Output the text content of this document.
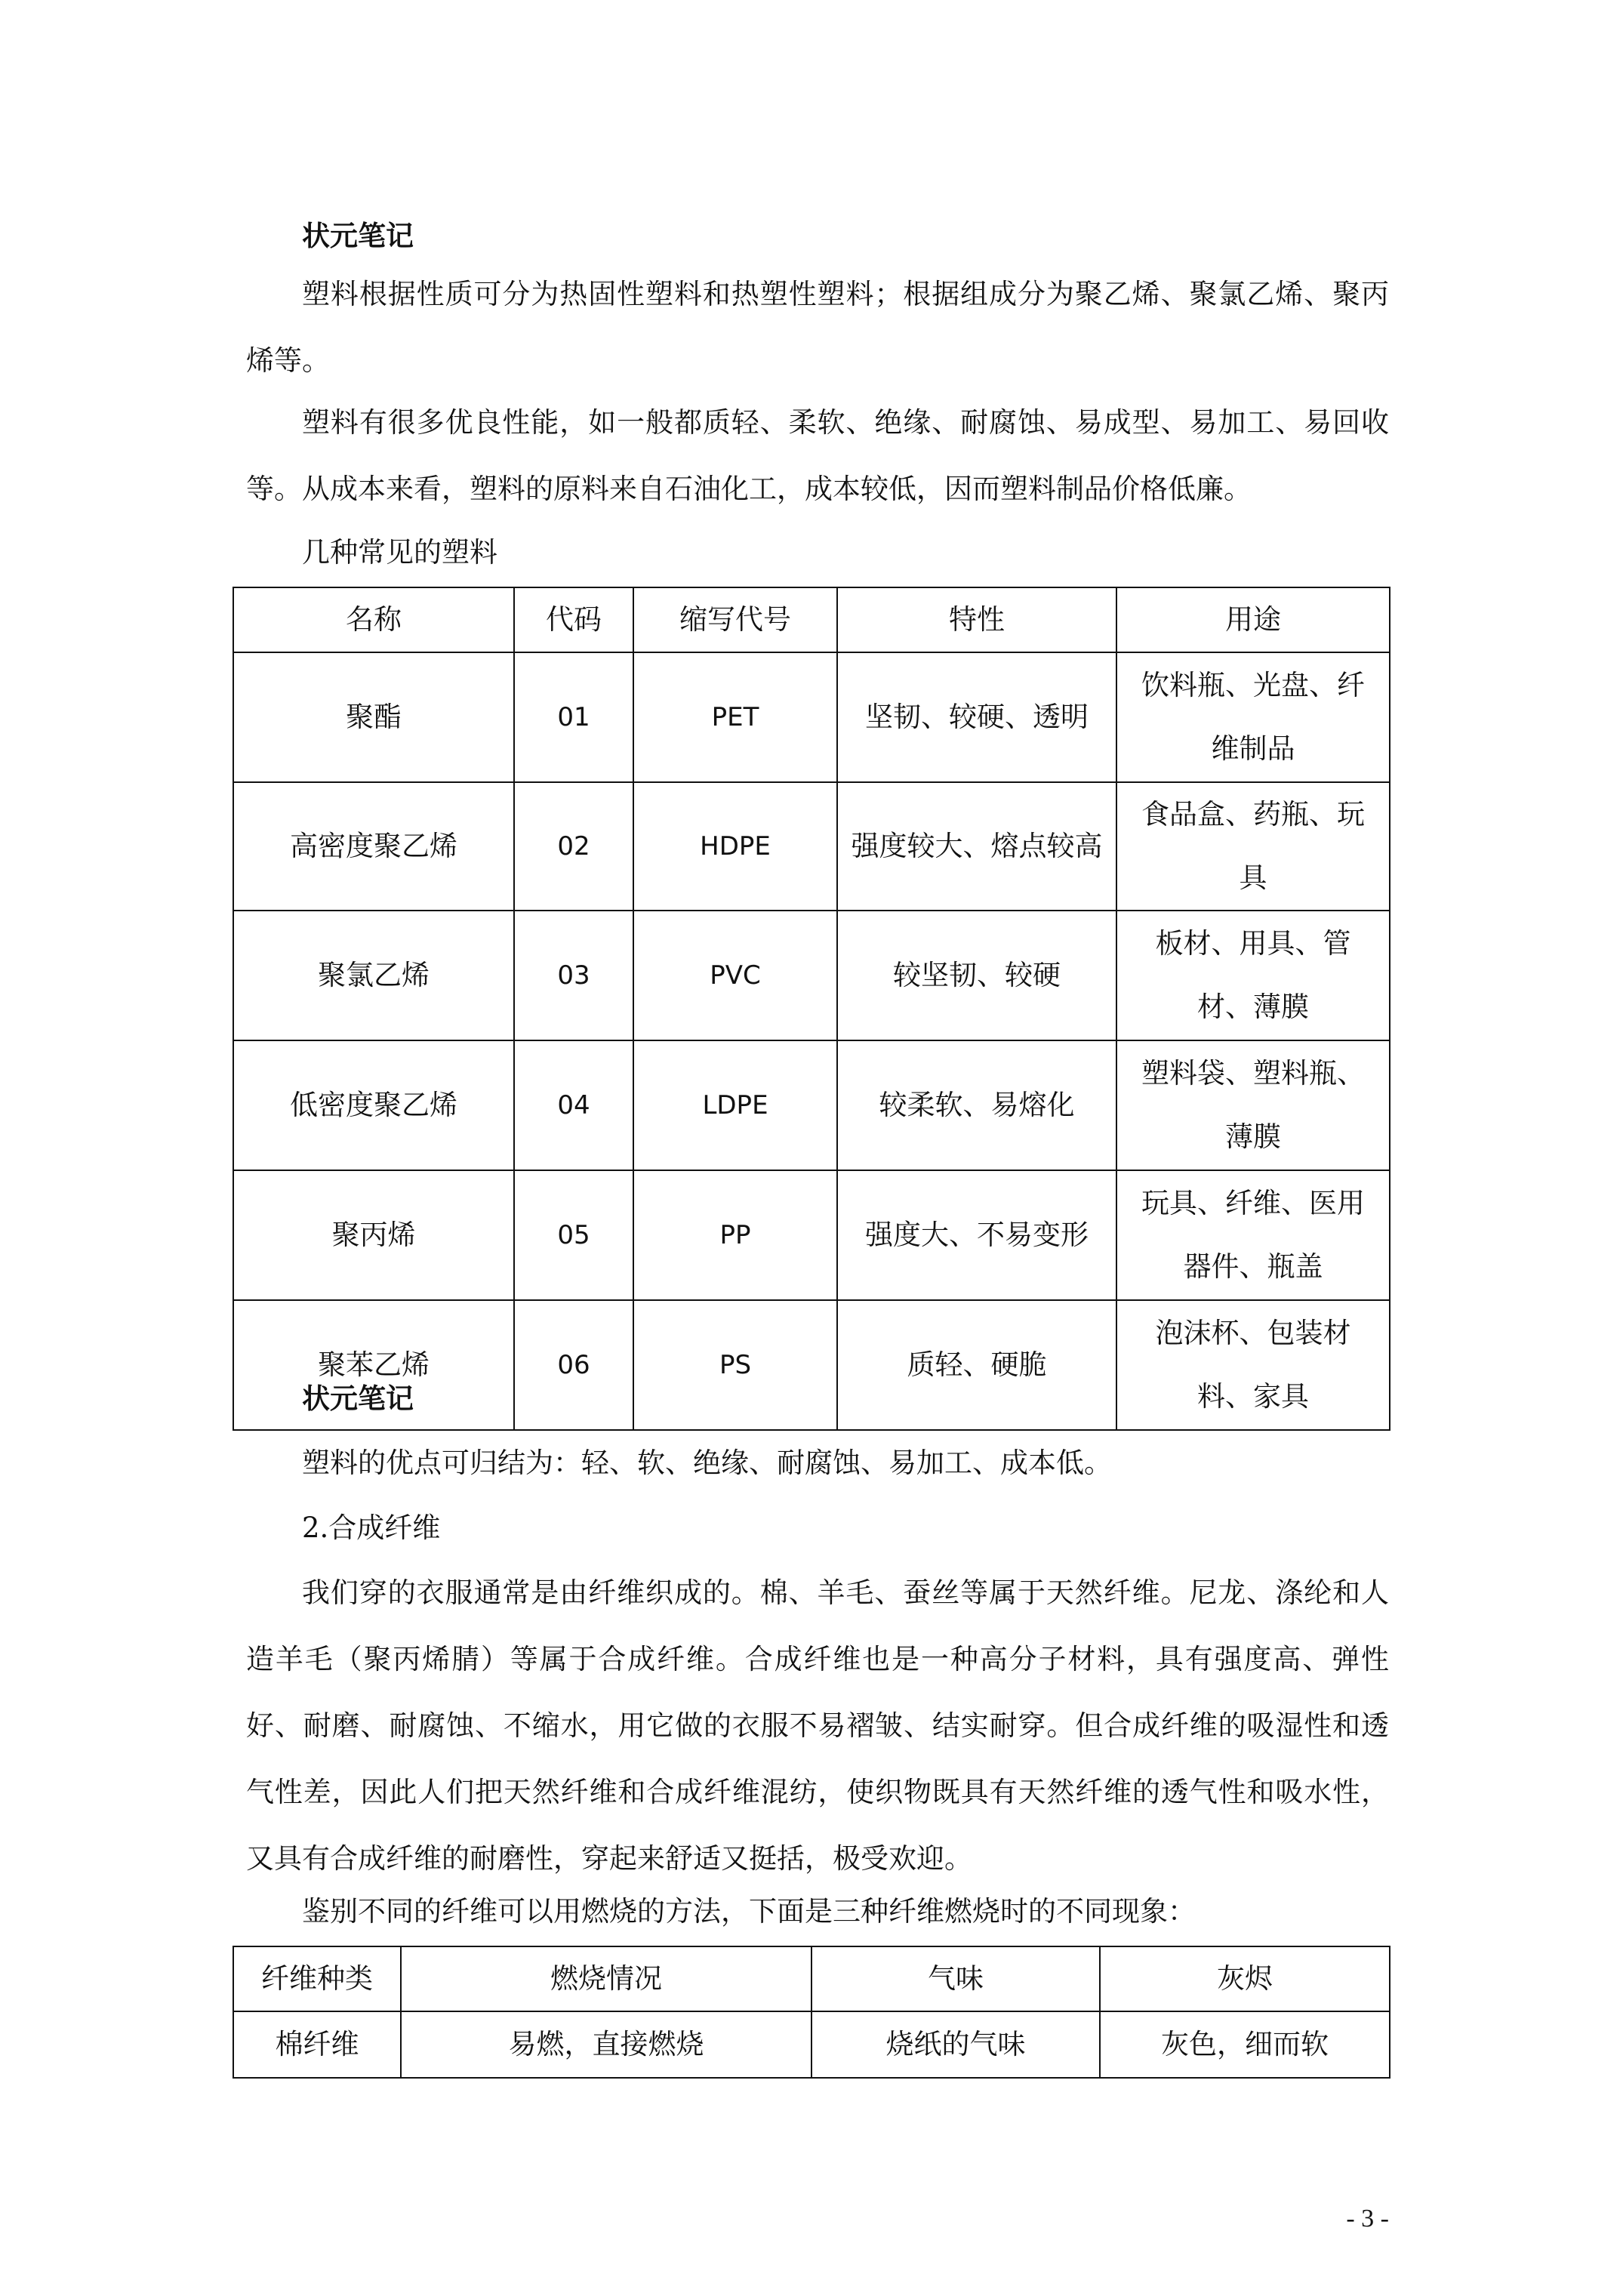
状元笔记

塑料根据性质可分为热固性塑料和热塑性塑料；根据组成分为聚乙烯、聚氯乙烯、聚丙烯等。

塑料有很多优良性能，如一般都质轻、柔软、绝缘、耐腐蚀、易成型、易加工、易回收等。从成本来看，塑料的原料来自石油化工，成本较低，因而塑料制品价格低廉。

几种常见的塑料

名称	代码	缩写代号	特性	用途
聚酯	01	PET	坚韧、较硬、透明	饮料瓶、光盘、纤维制品
高密度聚乙烯	02	HDPE	强度较大、熔点较高	食品盒、药瓶、玩具
聚氯乙烯	03	PVC	较坚韧、较硬	板材、用具、管材、薄膜
低密度聚乙烯	04	LDPE	较柔软、易熔化	塑料袋、塑料瓶、薄膜
聚丙烯	05	PP	强度大、不易变形	玩具、纤维、医用器件、瓶盖
聚苯乙烯	06	PS	质轻、硬脆	泡沫杯、包装材料、家具

状元笔记

塑料的优点可归结为：轻、软、绝缘、耐腐蚀、易加工、成本低。

2.合成纤维

我们穿的衣服通常是由纤维织成的。棉、羊毛、蚕丝等属于天然纤维。尼龙、涤纶和人造羊毛（聚丙烯腈）等属于合成纤维。合成纤维也是一种高分子材料，具有强度高、弹性好、耐磨、耐腐蚀、不缩水，用它做的衣服不易褶皱、结实耐穿。但合成纤维的吸湿性和透气性差，因此人们把天然纤维和合成纤维混纺，使织物既具有天然纤维的透气性和吸水性，又具有合成纤维的耐磨性，穿起来舒适又挺括，极受欢迎。

鉴别不同的纤维可以用燃烧的方法，下面是三种纤维燃烧时的不同现象：

纤维种类	燃烧情况	气味	灰烬
棉纤维	易燃，直接燃烧	烧纸的气味	灰色，细而软
- 3 -
